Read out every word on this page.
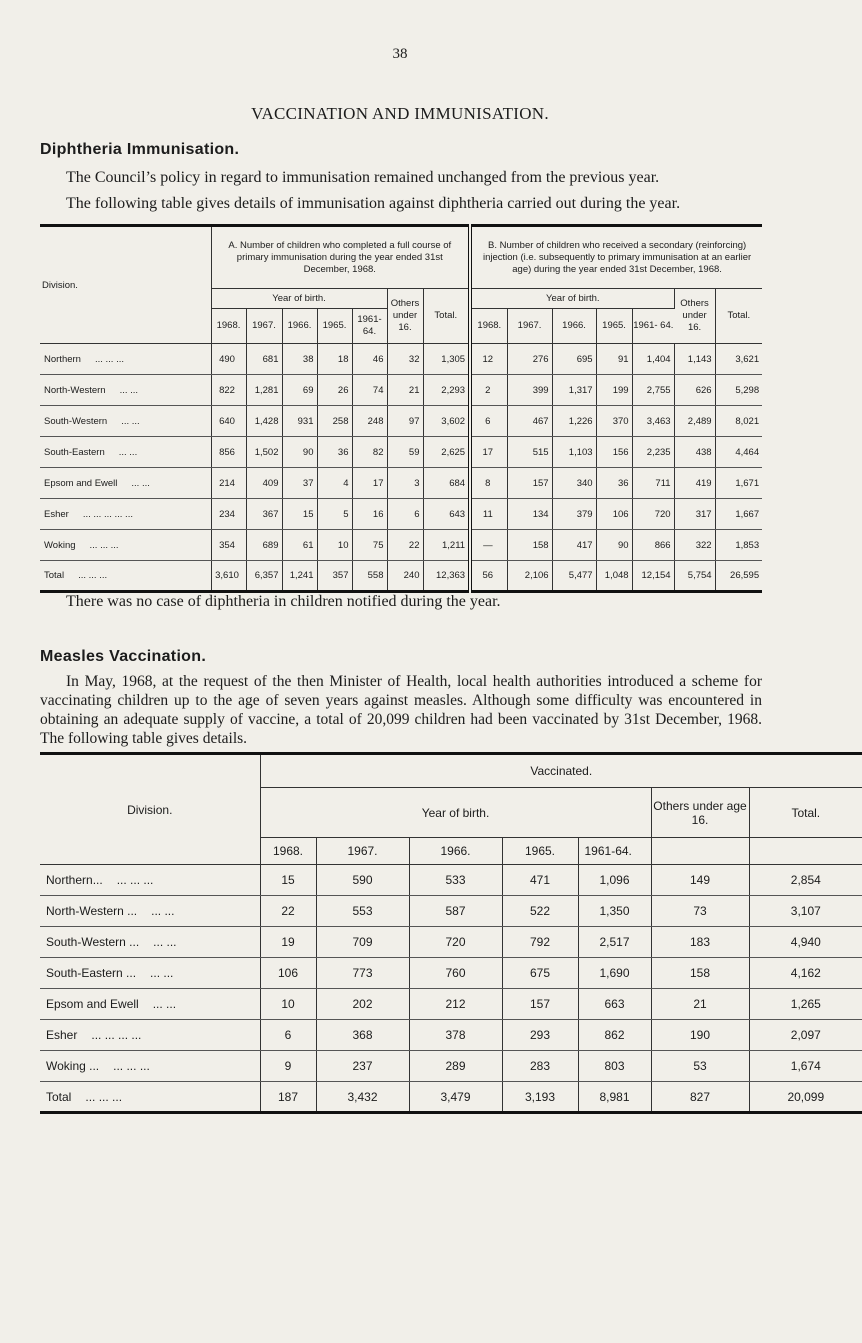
38
VACCINATION AND IMMUNISATION.
Diphtheria Immunisation.
The Council’s policy in regard to immunisation remained unchanged from the previous year.
The following table gives details of immunisation against diphtheria carried out during the year.
Division.	A. Number of children who completed a full course of primary immunisation during the year ended 31st December, 1968.							B. Number of children who received a secondary (reinforcing) injection (i.e. subsequently to primary immunisation at an earlier age) during the year ended 31st December, 1968.						
	Year of birth.					Others under 16.	Total.	Year of birth.					Others under 16.	Total.
	1968.	1967.	1966.	1965.	1961- 64.			1968.	1967.	1966.	1965.	1961- 64.		
Northern ... ... ...	490	681	38	18	46	32	1,305	12	276	695	91	1,404	1,143	3,621
North-Western ... ...	822	1,281	69	26	74	21	2,293	2	399	1,317	199	2,755	626	5,298
South-Western ... ...	640	1,428	931	258	248	97	3,602	6	467	1,226	370	3,463	2,489	8,021
South-Eastern ... ...	856	1,502	90	36	82	59	2,625	17	515	1,103	156	2,235	438	4,464
Epsom and Ewell ... ...	214	409	37	4	17	3	684	8	157	340	36	711	419	1,671
Esher ... ... ... ... ...	234	367	15	5	16	6	643	11	134	379	106	720	317	1,667
Woking ... ... ...	354	689	61	10	75	22	1,211	—	158	417	90	866	322	1,853
Total ... ... ...	3,610	6,357	1,241	357	558	240	12,363	56	2,106	5,477	1,048	12,154	5,754	26,595
There was no case of diphtheria in children notified during the year.
Measles Vaccination.
In May, 1968, at the request of the then Minister of Health, local health authorities introduced a scheme for vaccinating children up to the age of seven years against measles. Although some difficulty was encountered in obtaining an adequate supply of vaccine, a total of 20,099 children had been vaccinated by 31st December, 1968. The following table gives details.
Division.	Vaccinated.						
	Year of birth.					Others under age 16.	Total.
	1968.	1967.	1966.	1965.	1961-64.		
Northern... ... ... ...	15	590	533	471	1,096	149	2,854
North-Western ... ... ...	22	553	587	522	1,350	73	3,107
South-Western ... ... ...	19	709	720	792	2,517	183	4,940
South-Eastern ... ... ...	106	773	760	675	1,690	158	4,162
Epsom and Ewell ... ...	10	202	212	157	663	21	1,265
Esher ... ... ... ...	6	368	378	293	862	190	2,097
Woking ... ... ... ...	9	237	289	283	803	53	1,674
Total ... ... ...	187	3,432	3,479	3,193	8,981	827	20,099
